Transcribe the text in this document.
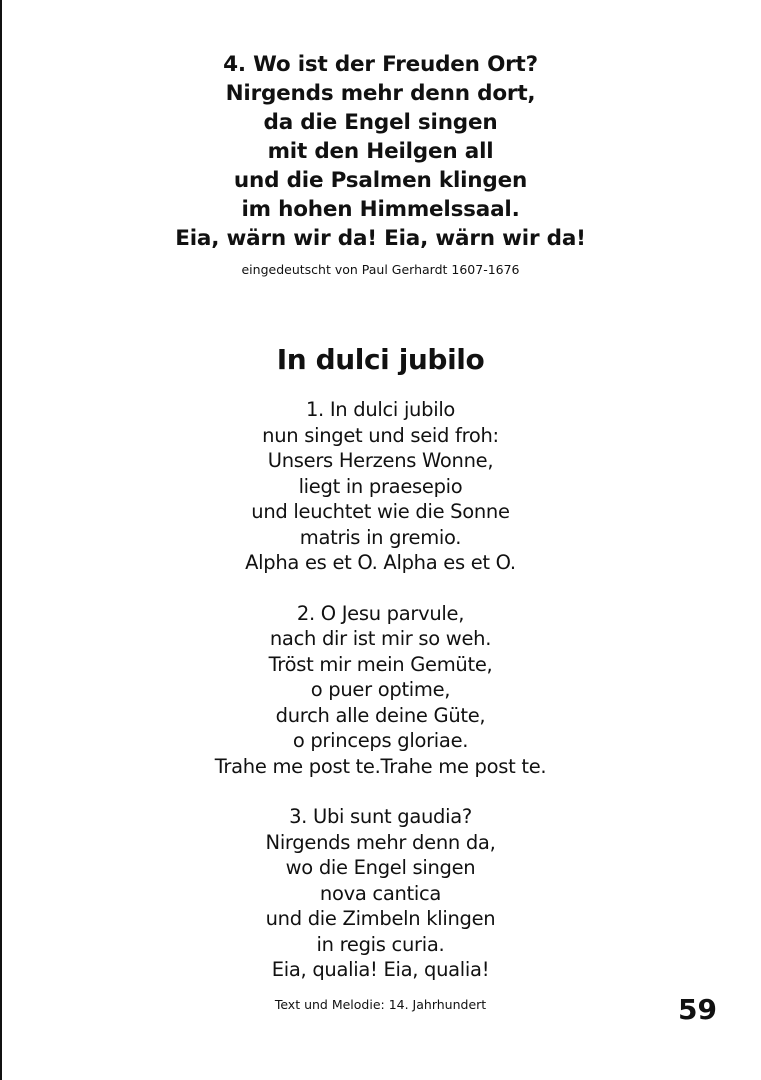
4. Wo ist der Freuden Ort?
Nirgends mehr denn dort,
da die Engel singen
mit den Heilgen all
und die Psalmen klingen
im hohen Himmelssaal.
Eia, wärn wir da! Eia, wärn wir da!
eingedeutscht von Paul Gerhardt 1607-1676
In dulci jubilo
1. In dulci jubilo
nun singet und seid froh:
Unsers Herzens Wonne,
liegt in praesepio
und leuchtet wie die Sonne
matris in gremio.
Alpha es et O. Alpha es et O.
2. O Jesu parvule,
nach dir ist mir so weh.
Tröst mir mein Gemüte,
o puer optime,
durch alle deine Güte,
o princeps gloriae.
Trahe me post te.Trahe me post te.
3. Ubi sunt gaudia?
Nirgends mehr denn da,
wo die Engel singen
nova cantica
und die Zimbeln klingen
in regis curia.
Eia, qualia! Eia, qualia!
Text und Melodie: 14. Jahrhundert	59
